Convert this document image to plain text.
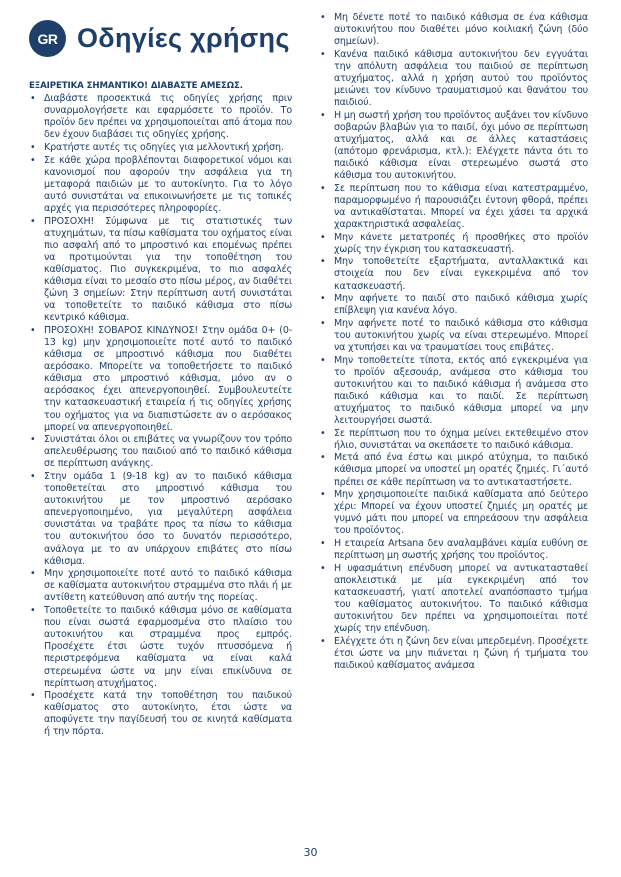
GR Οδηγίες χρήσης

ΕΞΑΙΡΕΤΙΚΑ ΣΗΜΑΝΤΙΚΟ! ΔΙΑΒΑΣΤΕ ΑΜΕΣΩΣ.

• Διαβάστε προσεκτικά τις οδηγίες χρήσης πριν συναρμολογήσετε και εφαρμόσετε το προϊόν. Το προϊόν δεν πρέπει να χρησιμοποιείται από άτομα που δεν έχουν διαβάσει τις οδηγίες χρήσης.
• Κρατήστε αυτές τις οδηγίες για μελλοντική χρήση.
• Σε κάθε χώρα προβλέπονται διαφορετικοί νόμοι και κανονισμοί που αφορούν την ασφάλεια για τη μεταφορά παιδιών με το αυτοκίνητο. Για το λόγο αυτό συνιστάται να επικοινωνήσετε με τις τοπικές αρχές για περισσότερες πληροφορίες.
• ΠΡΟΣΟΧΗ! Σύμφωνα με τις στατιστικές των ατυχημάτων, τα πίσω καθίσματα του οχήματος είναι πιο ασφαλή από το μπροστινό και επομένως πρέπει να προτιμούνται για την τοποθέτηση του καθίσματος. Πιο συγκεκριμένα, το πιο ασφαλές κάθισμα είναι το μεσαίο στο πίσω μέρος, αν διαθέτει ζώνη 3 σημείων: Στην περίπτωση αυτή συνιστάται να τοποθετείτε το παιδικό κάθισμα στο πίσω κεντρικό κάθισμα.
• ΠΡΟΣΟΧΗ! ΣΟΒΑΡΟΣ ΚΙΝΔΥΝΟΣ! Στην ομάδα 0+ (0-13 kg) μην χρησιμοποιείτε ποτέ αυτό το παιδικό κάθισμα σε μπροστινό κάθισμα που διαθέτει αερόσακο. Μπορείτε να τοποθετήσετε το παιδικό κάθισμα στο μπροστινό κάθισμα, μόνο αν ο αερόσακος έχει απενεργοποιηθεί. Συμβουλευτείτε την κατασκευαστική εταιρεία ή τις οδηγίες χρήσης του οχήματος για να διαπιστώσετε αν ο αερόσακος μπορεί να απενεργοποιηθεί.
• Συνιστάται όλοι οι επιβάτες να γνωρίζουν τον τρόπο απελευθέρωσης του παιδιού από το παιδικό κάθισμα σε περίπτωση ανάγκης.
• Στην ομάδα 1 (9-18 kg) αν το παιδικό κάθισμα τοποθετείται στο μπροστινό κάθισμα του αυτοκινήτου με τον μπροστινό αερόσακο απενεργοποιημένο, για μεγαλύτερη ασφάλεια συνιστάται να τραβάτε προς τα πίσω το κάθισμα του αυτοκινήτου όσο το δυνατόν περισσότερο, ανάλογα με το αν υπάρχουν επιβάτες στο πίσω κάθισμα.
• Μην χρησιμοποιείτε ποτέ αυτό το παιδικό κάθισμα σε καθίσματα αυτοκινήτου στραμμένα στο πλάι ή με αντίθετη κατεύθυνση από αυτήν της πορείας.
• Τοποθετείτε το παιδικό κάθισμα μόνο σε καθίσματα που είναι σωστά εφαρμοσμένα στο πλαίσιο του αυτοκινήτου και στραμμένα προς εμπρός. Προσέχετε έτσι ώστε τυχόν πτυσσόμενα ή περιστρεφόμενα καθίσματα να είναι καλά στερεωμένα ώστε να μην είναι επικίνδυνα σε περίπτωση ατυχήματος.
• Προσέχετε κατά την τοποθέτηση του παιδικού καθίσματος στο αυτοκίνητο, έτσι ώστε να αποφύγετε την παγίδευσή του σε κινητά καθίσματα ή την πόρτα.
• Μη δένετε ποτέ το παιδικό κάθισμα σε ένα κάθισμα αυτοκινήτου που διαθέτει μόνο κοιλιακή ζώνη (δύο σημείων).
• Κανένα παιδικό κάθισμα αυτοκινήτου δεν εγγυάται την απόλυτη ασφάλεια του παιδιού σε περίπτωση ατυχήματος, αλλά η χρήση αυτού του προϊόντος μειώνει τον κίνδυνο τραυματισμού και θανάτου του παιδιού.
• Η μη σωστή χρήση του προϊόντος αυξάνει τον κίνδυνο σοβαρών βλαβών για το παιδί, όχι μόνο σε περίπτωση ατυχήματος, αλλά και σε άλλες καταστάσεις (απότομο φρενάρισμα, κτλ.): Ελέγχετε πάντα ότι το παιδικό κάθισμα είναι στερεωμένο σωστά στο κάθισμα του αυτοκινήτου.
• Σε περίπτωση που το κάθισμα είναι κατεστραμμένο, παραμορφωμένο ή παρουσιάζει έντονη φθορά, πρέπει να αντικαθίσταται. Μπορεί να έχει χάσει τα αρχικά χαρακτηριστικά ασφαλείας.
• Μην κάνετε μετατροπές ή προσθήκες στο προϊόν χωρίς την έγκριση του κατασκευαστή.
• Μην τοποθετείτε εξαρτήματα, ανταλλακτικά και στοιχεία που δεν είναι εγκεκριμένα από τον κατασκευαστή.
• Μην αφήνετε το παιδί στο παιδικό κάθισμα χωρίς επίβλεψη για κανένα λόγο.
• Μην αφήνετε ποτέ το παιδικό κάθισμα στο κάθισμα του αυτοκινήτου χωρίς να είναι στερεωμένο. Μπορεί να χτυπήσει και να τραυματίσει τους επιβάτες.
• Μην τοποθετείτε τίποτα, εκτός από εγκεκριμένα για το προϊόν αξεσουάρ, ανάμεσα στο κάθισμα του αυτοκινήτου και το παιδικό κάθισμα ή ανάμεσα στο παιδικό κάθισμα και το παιδί. Σε περίπτωση ατυχήματος το παιδικό κάθισμα μπορεί να μην λειτουργήσει σωστά.
• Σε περίπτωση που το όχημα μείνει εκτεθειμένο στον ήλιο, συνιστάται να σκεπάσετε το παιδικό κάθισμα.
• Μετά από ένα έστω και μικρό ατύχημα, το παιδικό κάθισμα μπορεί να υποστεί μη ορατές ζημιές. Γι΄αυτό πρέπει σε κάθε περίπτωση να το αντικαταστήσετε.
• Μην χρησιμοποιείτε παιδικά καθίσματα από δεύτερο χέρι: Μπορεί να έχουν υποστεί ζημιές μη ορατές με γυμνό μάτι που μπορεί να επηρεάσουν την ασφάλεια του προϊόντος.
• Η εταιρεία Artsana δεν αναλαμβάνει καμία ευθύνη σε περίπτωση μη σωστής χρήσης του προϊόντος.
• Η υφασμάτινη επένδυση μπορεί να αντικατασταθεί αποκλειστικά με μία εγκεκριμένη από τον κατασκευαστή, γιατί αποτελεί αναπόσπαστο τμήμα του καθίσματος αυτοκινήτου. Το παιδικό κάθισμα αυτοκινήτου δεν πρέπει να χρησιμοποιείται ποτέ χωρίς την επένδυση.
• Ελέγχετε ότι η ζώνη δεν είναι μπερδεμένη. Προσέχετε έτσι ώστε να μην πιάνεται η ζώνη ή τμήματα του παιδικού καθίσματος ανάμεσα
30
